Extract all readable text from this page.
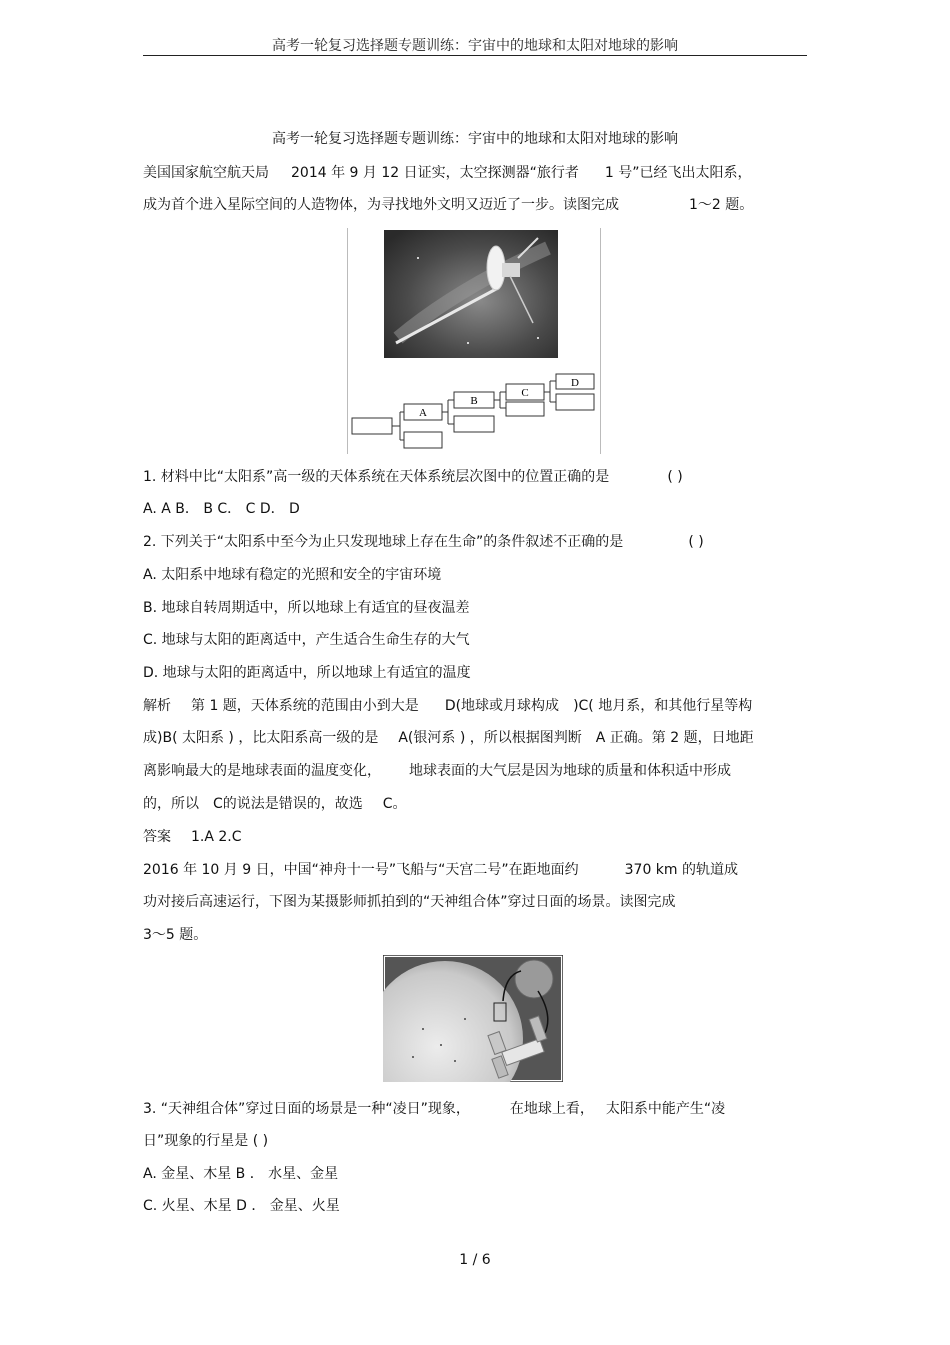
高考一轮复习选择题专题训练：宇宙中的地球和太阳对地球的影响
高考一轮复习选择题专题训练：宇宙中的地球和太阳对地球的影响
美国国家航空航天局 2014 年 9 月 12 日证实，太空探测器“旅行者 1 号”已经飞出太阳系，
成为首个进入星际空间的人造物体，为寻找地外文明又迈近了一步。读图完成	1～2 题。
A
B
C
D
1. 材料中比“太阳系”高一级的天体系统在天体系统层次图中的位置正确的是	( )
A. A B． B C． C D． D
2. 下列关于“太阳系中至今为止只发现地球上存在生命”的条件叙述不正确的是	( )
A. 太阳系中地球有稳定的光照和安全的宇宙环境
B. 地球自转周期适中，所以地球上有适宜的昼夜温差
C. 地球与太阳的距离适中，产生适合生命生存的大气
D. 地球与太阳的距离适中，所以地球上有适宜的温度
解析 第 1 题，天体系统的范围由小到大是 D(地球或月球构成 )C( 地月系，和其他行星等构
成)B( 太阳系 ) ，比太阳系高一级的是 A(银河系 ) ，所以根据图判断 A 正确。第 2 题，日地距
离影响最大的是地球表面的温度变化， 地球表面的大气层是因为地球的质量和体积适中形成
的，所以 C的说法是错误的，故选 C。
答案 1.A 2.C
2016 年 10 月 9 日，中国“神舟十一号”飞船与“天宫二号”在距地面约	370 km 的轨道成
功对接后高速运行，下图为某摄影师抓拍到的“天神组合体”穿过日面的场景。读图完成
3～5 题。
3. “天神组合体”穿过日面的场景是一种“凌日”现象，	在地球上看， 太阳系中能产生“凌
日”现象的行星是 ( )
A. 金星、木星 B ． 水星、金星
C. 火星、木星 D ． 金星、火星
1 / 6
